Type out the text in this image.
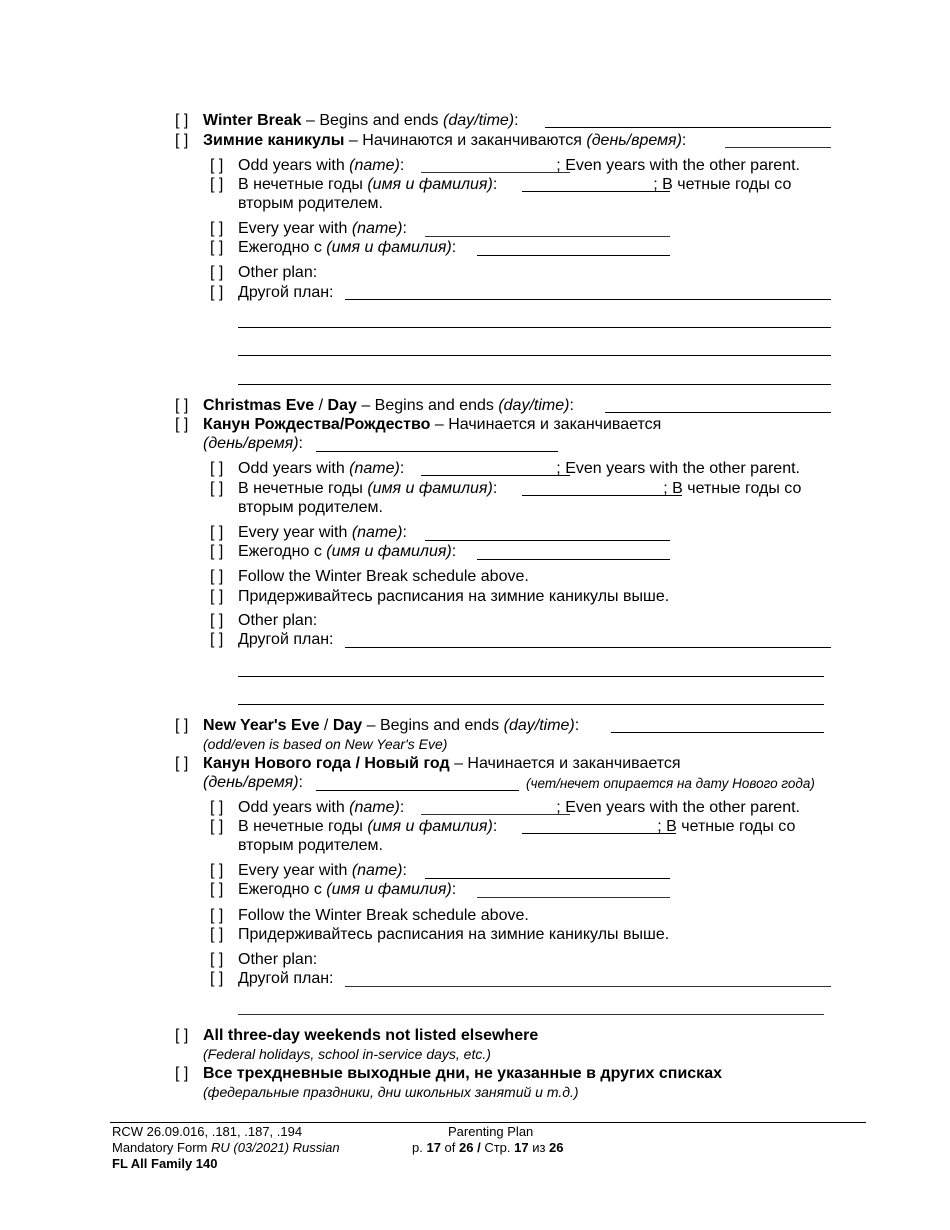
[ ] Winter Break – Begins and ends (day/time):
[ ] Зимние каникулы – Начинаются и заканчиваются (день/время):
[ ] Odd years with (name):	; Even years with the other parent.
[ ] В нечетные годы (имя и фамилия):	; В четные годы со
вторым родителем.
[ ] Every year with (name):
[ ] Ежегодно с (имя и фамилия):
[ ] Other plan:
[ ] Другой план:
[ ] Christmas Eve / Day – Begins and ends (day/time):
[ ] Канун Рождества/Рождество – Начинается и заканчивается
(день/время):
[ ] Odd years with (name):	; Even years with the other parent.
[ ] В нечетные годы (имя и фамилия):	; В четные годы со
вторым родителем.
[ ] Every year with (name):
[ ] Ежегодно с (имя и фамилия):
[ ] Follow the Winter Break schedule above.
[ ] Придерживайтесь расписания на зимние каникулы выше.
[ ] Other plan:
[ ] Другой план:
[ ] New Year's Eve / Day – Begins and ends (day/time):
(odd/even is based on New Year's Eve)
[ ] Канун Нового года / Новый год – Начинается и заканчивается
(день/время):	(чет/нечет опирается на дату Нового года)
[ ] Odd years with (name):	; Even years with the other parent.
[ ] В нечетные годы (имя и фамилия):	; В четные годы со
вторым родителем.
[ ] Every year with (name):
[ ] Ежегодно с (имя и фамилия):
[ ] Follow the Winter Break schedule above.
[ ] Придерживайтесь расписания на зимние каникулы выше.
[ ] Other plan:
[ ] Другой план:
[ ] All three-day weekends not listed elsewhere
(Federal holidays, school in-service days, etc.)
[ ] Все трехдневные выходные дни, не указанные в других списках
(федеральные праздники, дни школьных занятий и т.д.)
RCW 26.09.016, .181, .187, .194
Mandatory Form RU (03/2021) Russian
FL All Family 140
Parenting Plan
p. 17 of 26 / Стр. 17 из 26
